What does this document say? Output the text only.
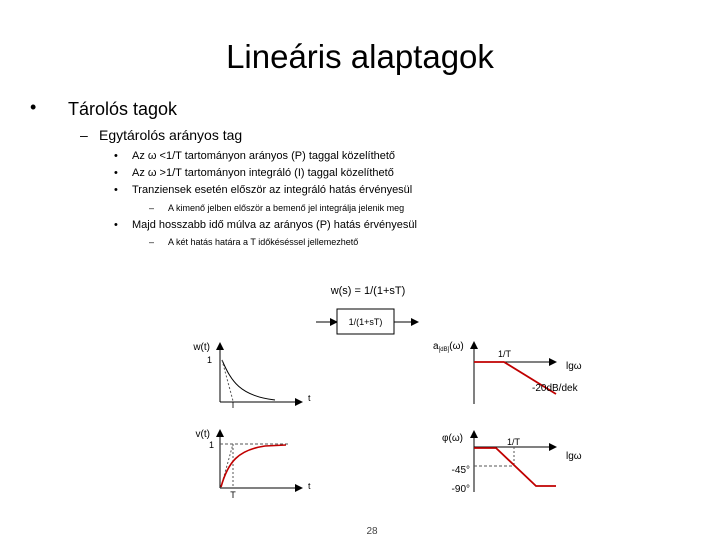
Lineáris alaptagok
• Tárolós tagok
– Egytárolós arányos tag
• Az ω <1/T tartományon arányos (P) taggal közelíthető
• Az ω >1/T tartományon integráló (I) taggal közelíthető
• Tranziensek esetén először az integráló hatás érvényesül
– A kimenő jelben először a bemenő jel integrálja jelenik meg
• Majd hosszabb idő múlva az arányos (P) hatás érvényesül
– A két hatás határa a T időkéséssel jellemezhető
w(s) = 1/(1+sT)
1/(1+sT)
w(t)
1
T
t
v(t)
1
T
t
$a_{[dB]}(\omega)$
1/T
lgω
-20dB/dek
φ(ω)	1/T
lgω
-45°
-90°
28
